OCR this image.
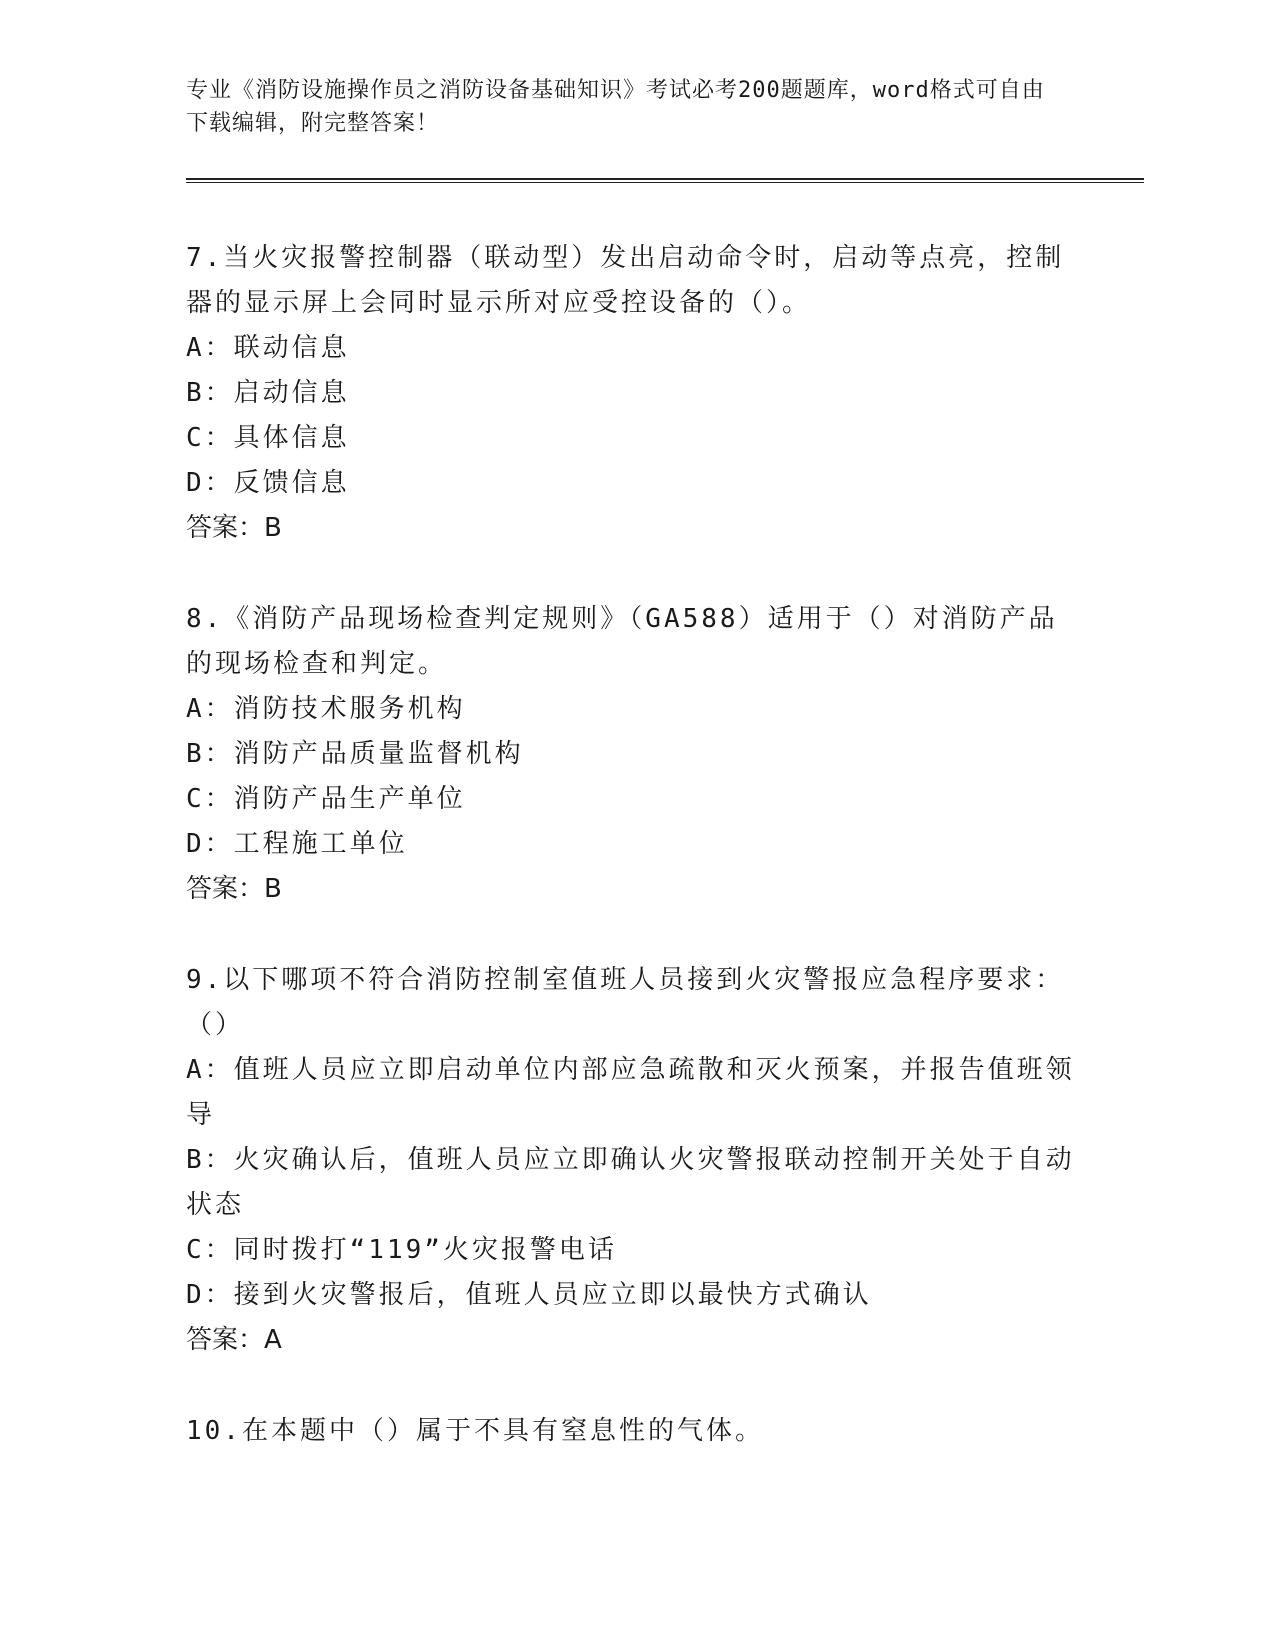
专业《消防设施操作员之消防设备基础知识》考试必考200题题库，word格式可自由下载编辑，附完整答案！

7.当火灾报警控制器（联动型）发出启动命令时，启动等点亮，控制器的显示屏上会同时显示所对应受控设备的（）。

A：联动信息

B：启动信息

C：具体信息

D：反馈信息

答案：B

8.《消防产品现场检查判定规则》（GA588）适用于（）对消防产品的现场检查和判定。

A：消防技术服务机构

B：消防产品质量监督机构

C：消防产品生产单位

D：工程施工单位

答案：B

9.以下哪项不符合消防控制室值班人员接到火灾警报应急程序要求：（）

A：值班人员应立即启动单位内部应急疏散和灭火预案，并报告值班领导

B：火灾确认后，值班人员应立即确认火灾警报联动控制开关处于自动状态

C：同时拨打“119”火灾报警电话

D：接到火灾警报后，值班人员应立即以最快方式确认

答案：A

10.在本题中（）属于不具有窒息性的气体。
